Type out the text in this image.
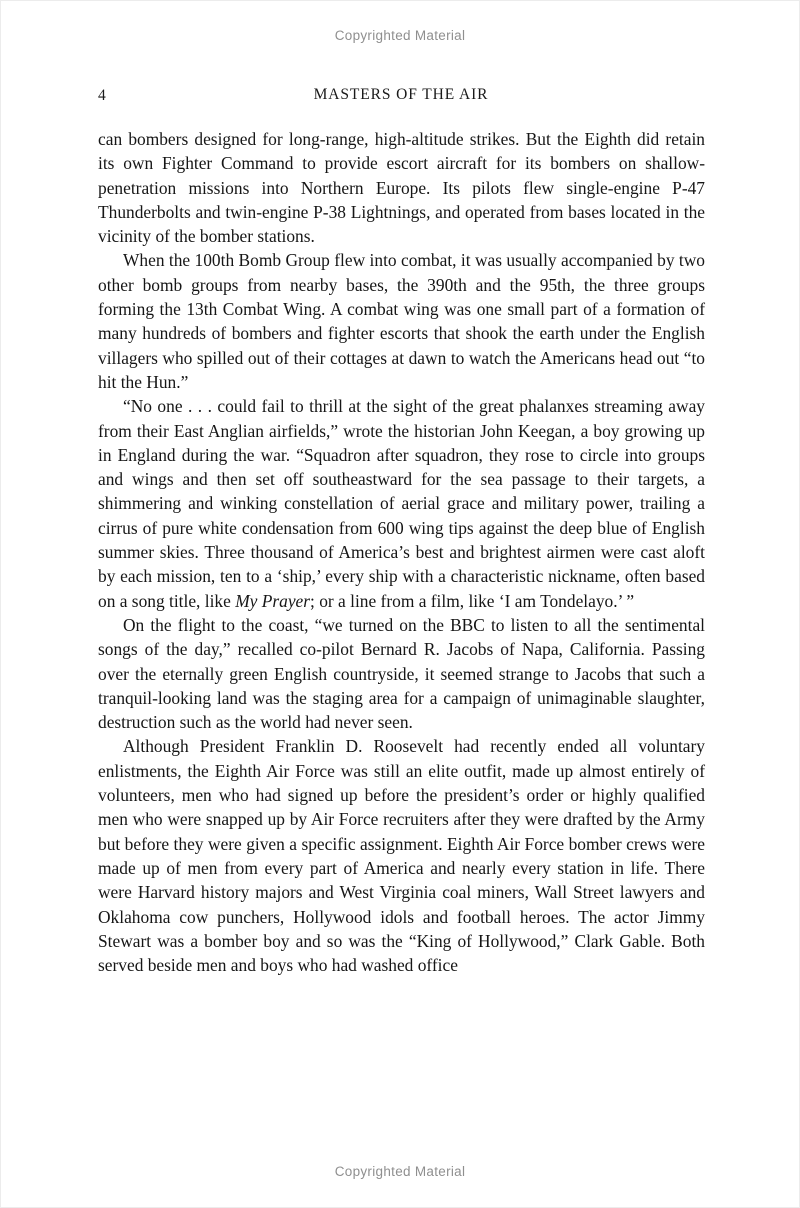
Copyrighted Material
4	MASTERS OF THE AIR

can bombers designed for long-range, high-altitude strikes. But the Eighth did retain its own Fighter Command to provide escort aircraft for its bombers on shallow-penetration missions into Northern Europe. Its pilots flew single-engine P-47 Thunderbolts and twin-engine P-38 Lightnings, and operated from bases located in the vicinity of the bomber stations.

When the 100th Bomb Group flew into combat, it was usually accompanied by two other bomb groups from nearby bases, the 390th and the 95th, the three groups forming the 13th Combat Wing. A combat wing was one small part of a formation of many hundreds of bombers and fighter escorts that shook the earth under the English villagers who spilled out of their cottages at dawn to watch the Americans head out “to hit the Hun.”

“No one . . . could fail to thrill at the sight of the great phalanxes streaming away from their East Anglian airfields,” wrote the historian John Keegan, a boy growing up in England during the war. “Squadron after squadron, they rose to circle into groups and wings and then set off southeastward for the sea passage to their targets, a shimmering and winking constellation of aerial grace and military power, trailing a cirrus of pure white condensation from 600 wing tips against the deep blue of English summer skies. Three thousand of America’s best and brightest airmen were cast aloft by each mission, ten to a ‘ship,’ every ship with a characteristic nickname, often based on a song title, like My Prayer; or a line from a film, like ‘I am Tondelayo.’ ”

On the flight to the coast, “we turned on the BBC to listen to all the sentimental songs of the day,” recalled co-pilot Bernard R. Jacobs of Napa, California. Passing over the eternally green English countryside, it seemed strange to Jacobs that such a tranquil-looking land was the staging area for a campaign of unimaginable slaughter, destruction such as the world had never seen.

Although President Franklin D. Roosevelt had recently ended all voluntary enlistments, the Eighth Air Force was still an elite outfit, made up almost entirely of volunteers, men who had signed up before the president’s order or highly qualified men who were snapped up by Air Force recruiters after they were drafted by the Army but before they were given a specific assignment. Eighth Air Force bomber crews were made up of men from every part of America and nearly every station in life. There were Harvard history majors and West Virginia coal miners, Wall Street lawyers and Oklahoma cow punchers, Hollywood idols and football heroes. The actor Jimmy Stewart was a bomber boy and so was the “King of Hollywood,” Clark Gable. Both served beside men and boys who had washed office

Copyrighted Material
